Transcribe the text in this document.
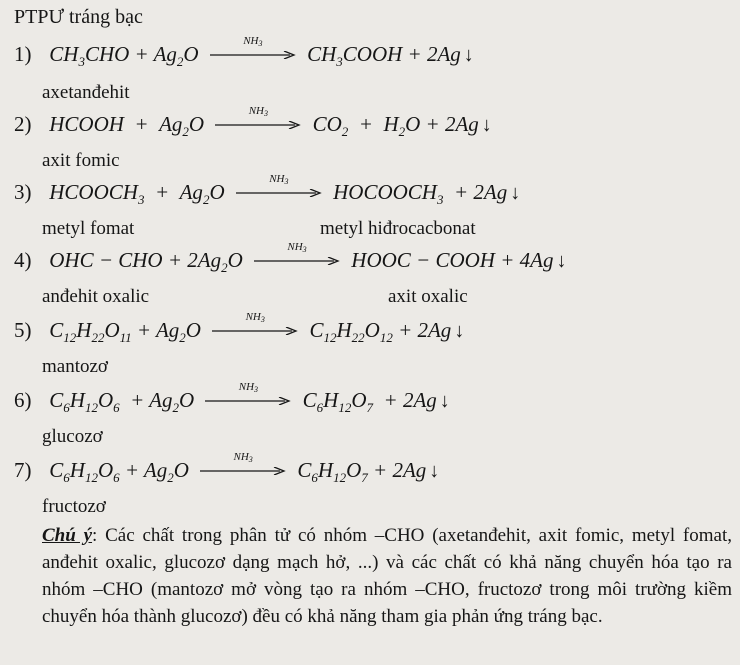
PTPƯ tráng bạc
1) $CH_3CHO + Ag_2O$
$NH_3$	$CH_3COOH + 2Ag$ ↓
axetanđehit
2) HCOOH  +  $Ag_2O$
$NH_3$	$CO_2 + H_2O + 2Ag$ ↓
axit fomic
3) $HCOOCH_3 + Ag_2O$
$NH_3$	$HOCOOCH_3 + 2Ag$ ↓
metyl fomat	metyl hiđrocacbonat
4) OHC − CHO + $2Ag_2O$
$NH_3$	HOOC − COOH + 4Ag ↓
anđehit oxalic	axit oxalic
5) $C_{12}H_{22}O_{11} + Ag_2O$
$NH_3$	$C_{12}H_{22}O_{12} + 2Ag$ ↓
mantozơ
6) $C_6H_{12}O_6 + Ag_2O$
$NH_3$	$C_6H_{12}O_7 + 2Ag$ ↓
glucozơ
7) $C_6H_{12}O_6 + Ag_2O$
$NH_3$	$C_6H_{12}O_7 + 2Ag$ ↓
fructozơ
Chú ý: Các chất trong phân tử có nhóm –CHO (axetanđehit, axit fomic, metyl fomat, anđehit oxalic, glucozơ dạng mạch hở, ...) và các chất có khả năng chuyển hóa tạo ra nhóm –CHO (mantozơ mở vòng tạo ra nhóm –CHO, fructozơ trong môi trường kiềm chuyển hóa thành glucozơ) đều có khả năng tham gia phản ứng tráng bạc.
